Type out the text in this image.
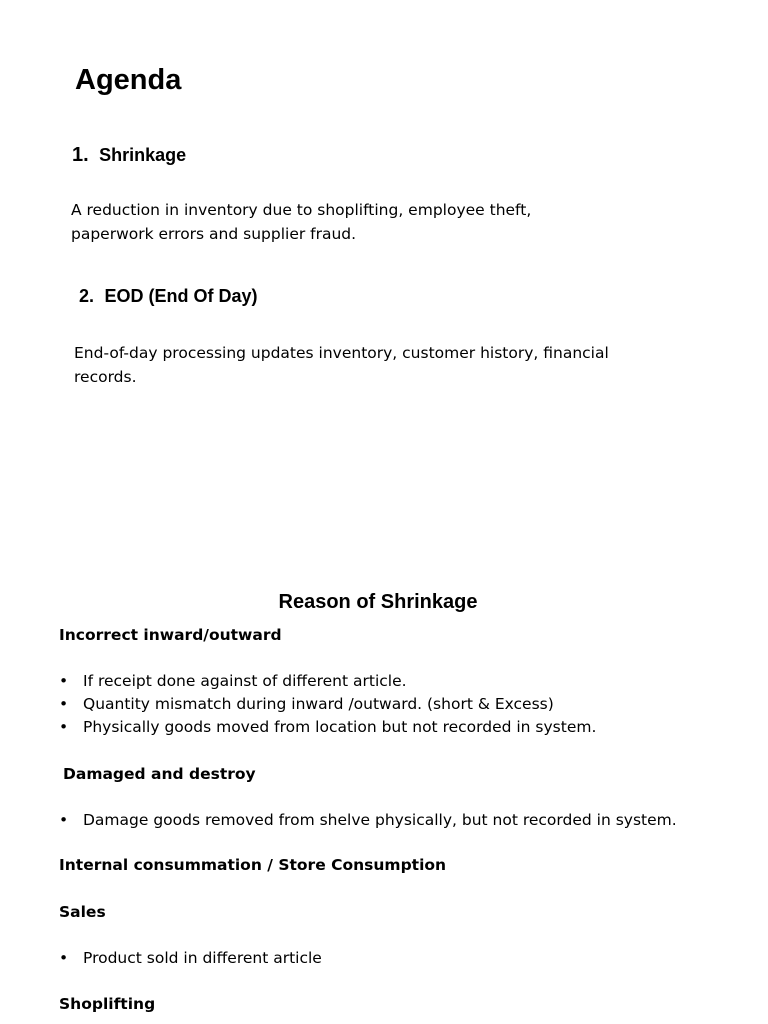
Agenda
1. Shrinkage
A reduction in inventory due to shoplifting, employee theft, paperwork errors and supplier fraud.
2. EOD (End Of Day)
End-of-day processing updates inventory, customer history, financial records.
Reason of Shrinkage
Incorrect inward/outward
• If receipt done against of different article.
• Quantity mismatch during inward /outward. (short & Excess)
• Physically goods moved from location but not recorded in system.
Damaged and destroy
• Damage goods removed from shelve physically, but not recorded in system.
Internal consummation / Store Consumption
Sales
• Product sold in different article
Shoplifting
